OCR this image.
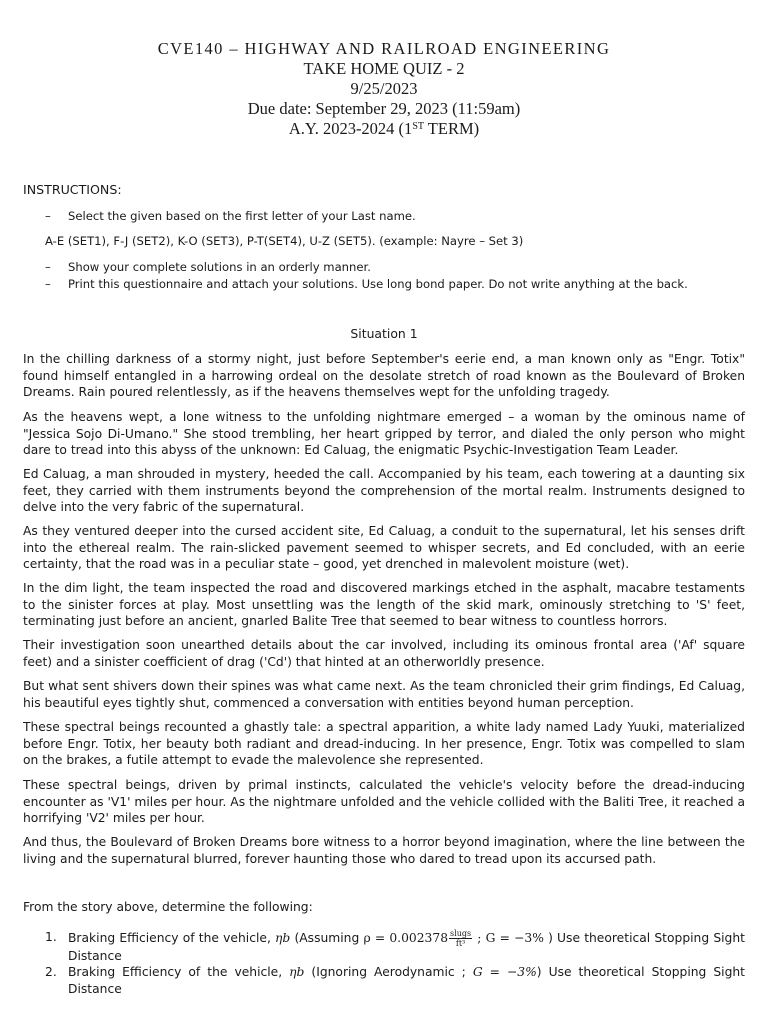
CVE140 – HIGHWAY AND RAILROAD ENGINEERING
TAKE HOME QUIZ - 2
9/25/2023
Due date: September 29, 2023 (11:59am)
A.Y. 2023-2024 (1ST TERM)
INSTRUCTIONS:
– Select the given based on the first letter of your Last name.
A-E (SET1), F-J (SET2), K-O (SET3), P-T(SET4), U-Z (SET5). (example: Nayre – Set 3)
– Show your complete solutions in an orderly manner.
– Print this questionnaire and attach your solutions. Use long bond paper. Do not write anything at the back.
Situation 1

In the chilling darkness of a stormy night, just before September's eerie end, a man known only as "Engr. Totix" found himself entangled in a harrowing ordeal on the desolate stretch of road known as the Boulevard of Broken Dreams. Rain poured relentlessly, as if the heavens themselves wept for the unfolding tragedy.

As the heavens wept, a lone witness to the unfolding nightmare emerged – a woman by the ominous name of "Jessica Sojo Di-Umano." She stood trembling, her heart gripped by terror, and dialed the only person who might dare to tread into this abyss of the unknown: Ed Caluag, the enigmatic Psychic-Investigation Team Leader.

Ed Caluag, a man shrouded in mystery, heeded the call. Accompanied by his team, each towering at a daunting six feet, they carried with them instruments beyond the comprehension of the mortal realm. Instruments designed to delve into the very fabric of the supernatural.

As they ventured deeper into the cursed accident site, Ed Caluag, a conduit to the supernatural, let his senses drift into the ethereal realm. The rain-slicked pavement seemed to whisper secrets, and Ed concluded, with an eerie certainty, that the road was in a peculiar state – good, yet drenched in malevolent moisture (wet).

In the dim light, the team inspected the road and discovered markings etched in the asphalt, macabre testaments to the sinister forces at play. Most unsettling was the length of the skid mark, ominously stretching to 'S' feet, terminating just before an ancient, gnarled Balite Tree that seemed to bear witness to countless horrors.

Their investigation soon unearthed details about the car involved, including its ominous frontal area ('Af' square feet) and a sinister coefficient of drag ('Cd') that hinted at an otherworldly presence.

But what sent shivers down their spines was what came next. As the team chronicled their grim findings, Ed Caluag, his beautiful eyes tightly shut, commenced a conversation with entities beyond human perception.

These spectral beings recounted a ghastly tale: a spectral apparition, a white lady named Lady Yuuki, materialized before Engr. Totix, her beauty both radiant and dread-inducing. In her presence, Engr. Totix was compelled to slam on the brakes, a futile attempt to evade the malevolence she represented.

These spectral beings, driven by primal instincts, calculated the vehicle's velocity before the dread-inducing encounter as 'V1' miles per hour. As the nightmare unfolded and the vehicle collided with the Baliti Tree, it reached a horrifying 'V2' miles per hour.

And thus, the Boulevard of Broken Dreams bore witness to a horror beyond imagination, where the line between the living and the supernatural blurred, forever haunting those who dared to tread upon its accursed path.

From the story above, determine the following:
1. Braking Efficiency of the vehicle, ηb (Assuming $\rho = 0.002378 \frac{\text{slugs}}{\text{ft³}}$ ; G = −3% ) Use theoretical Stopping Sight Distance
2. Braking Efficiency of the vehicle, ηb (Ignoring Aerodynamic ; G = −3%) Use theoretical Stopping Sight Distance
